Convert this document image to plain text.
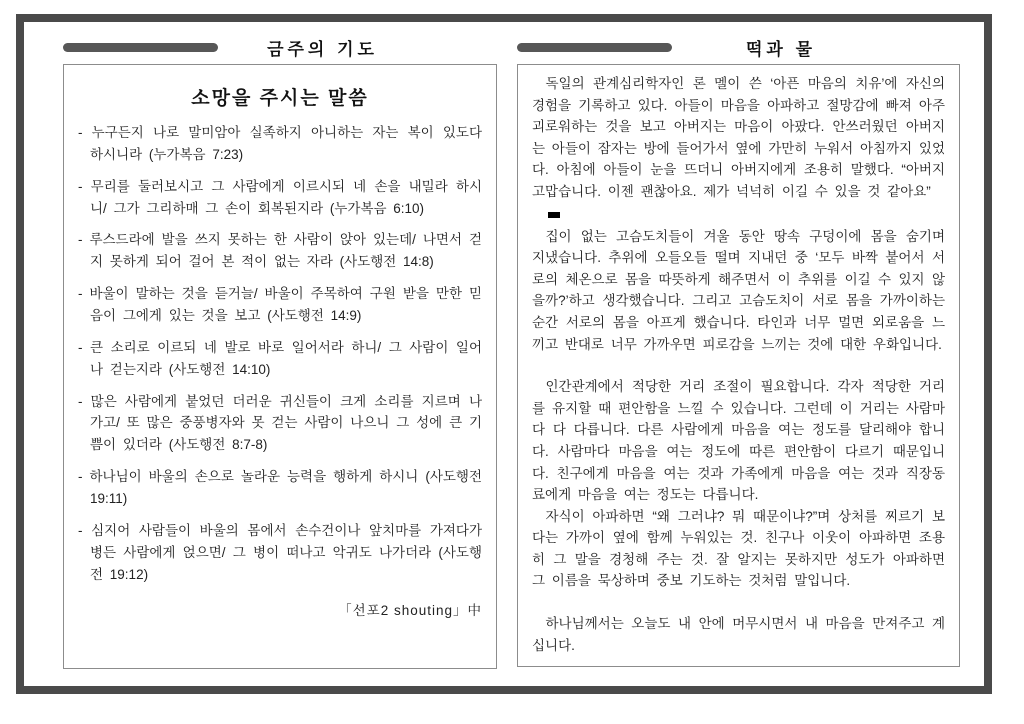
금주의 기도
소망을 주시는 말씀

- 누구든지 나로 말미암아 실족하지 아니하는 자는 복이 있도다 하시니라 (누가복음 7:23)

- 무리를 둘러보시고 그 사람에게 이르시되 네 손을 내밀라 하시니/ 그가 그리하매 그 손이 회복된지라 (누가복음 6:10)

- 루스드라에 발을 쓰지 못하는 한 사람이 앉아 있는데/ 나면서 걷지 못하게 되어 걸어 본 적이 없는 자라 (사도행전 14:8)

- 바울이 말하는 것을 듣거늘/ 바울이 주목하여 구원 받을 만한 믿음이 그에게 있는 것을 보고 (사도행전 14:9)

- 큰 소리로 이르되 네 발로 바로 일어서라 하니/ 그 사람이 일어나 걷는지라 (사도행전 14:10)

- 많은 사람에게 붙었던 더러운 귀신들이 크게 소리를 지르며 나가고/ 또 많은 중풍병자와 못 걷는 사람이 나으니 그 성에 큰 기쁨이 있더라 (사도행전 8:7-8)

- 하나님이 바울의 손으로 놀라운 능력을 행하게 하시니 (사도행전 19:11)

- 심지어 사람들이 바울의 몸에서 손수건이나 앞치마를 가져다가 병든 사람에게 얹으면/ 그 병이 떠나고 악귀도 나가더라 (사도행전 19:12)

「선포2 shouting」中
떡과 물

독일의 관계심리학자인 론 멜이 쓴 ‘아픈 마음의 치유’에 자신의 경험을 기록하고 있다. 아들이 마음을 아파하고 절망감에 빠져 아주 괴로워하는 것을 보고 아버지는 마음이 아팠다. 안쓰러웠던 아버지는 아들이 잠자는 방에 들어가서 옆에 가만히 누워서 아침까지 있었다. 아침에 아들이 눈을 뜨더니 아버지에게 조용히 말했다. “아버지 고맙습니다. 이젠 괜찮아요. 제가 넉넉히 이길 수 있을 것 같아요”

집이 없는 고슴도치들이 겨울 동안 땅속 구덩이에 몸을 숨기며 지냈습니다. 추위에 오들오들 떨며 지내던 중 ‘모두 바짝 붙어서 서로의 체온으로 몸을 따뜻하게 해주면서 이 추위를 이길 수 있지 않을까?’하고 생각했습니다. 그리고 고슴도치이 서로 몸을 가까이하는 순간 서로의 몸을 아프게 했습니다. 타인과 너무 멀면 외로움을 느끼고 반대로 너무 가까우면 피로감을 느끼는 것에 대한 우화입니다.

인간관계에서 적당한 거리 조절이 필요합니다. 각자 적당한 거리를 유지할 때 편안함을 느낄 수 있습니다. 그런데 이 거리는 사람마다 다 다릅니다. 다른 사람에게 마음을 여는 정도를 달리해야 합니다. 사람마다 마음을 여는 정도에 따른 편안함이 다르기 때문입니다. 친구에게 마음을 여는 것과 가족에게 마음을 여는 것과 직장동료에게 마음을 여는 정도는 다릅니다.

자식이 아파하면 “왜 그러냐? 뭐 때문이냐?”며 상처를 찌르기 보다는 가까이 옆에 함께 누워있는 것. 친구나 이웃이 아파하면 조용히 그 말을 경청해 주는 것. 잘 알지는 못하지만 성도가 아파하면 그 이름을 묵상하며 중보 기도하는 것처럼 말입니다.

하나님께서는 오늘도 내 안에 머무시면서 내 마음을 만져주고 계십니다.
